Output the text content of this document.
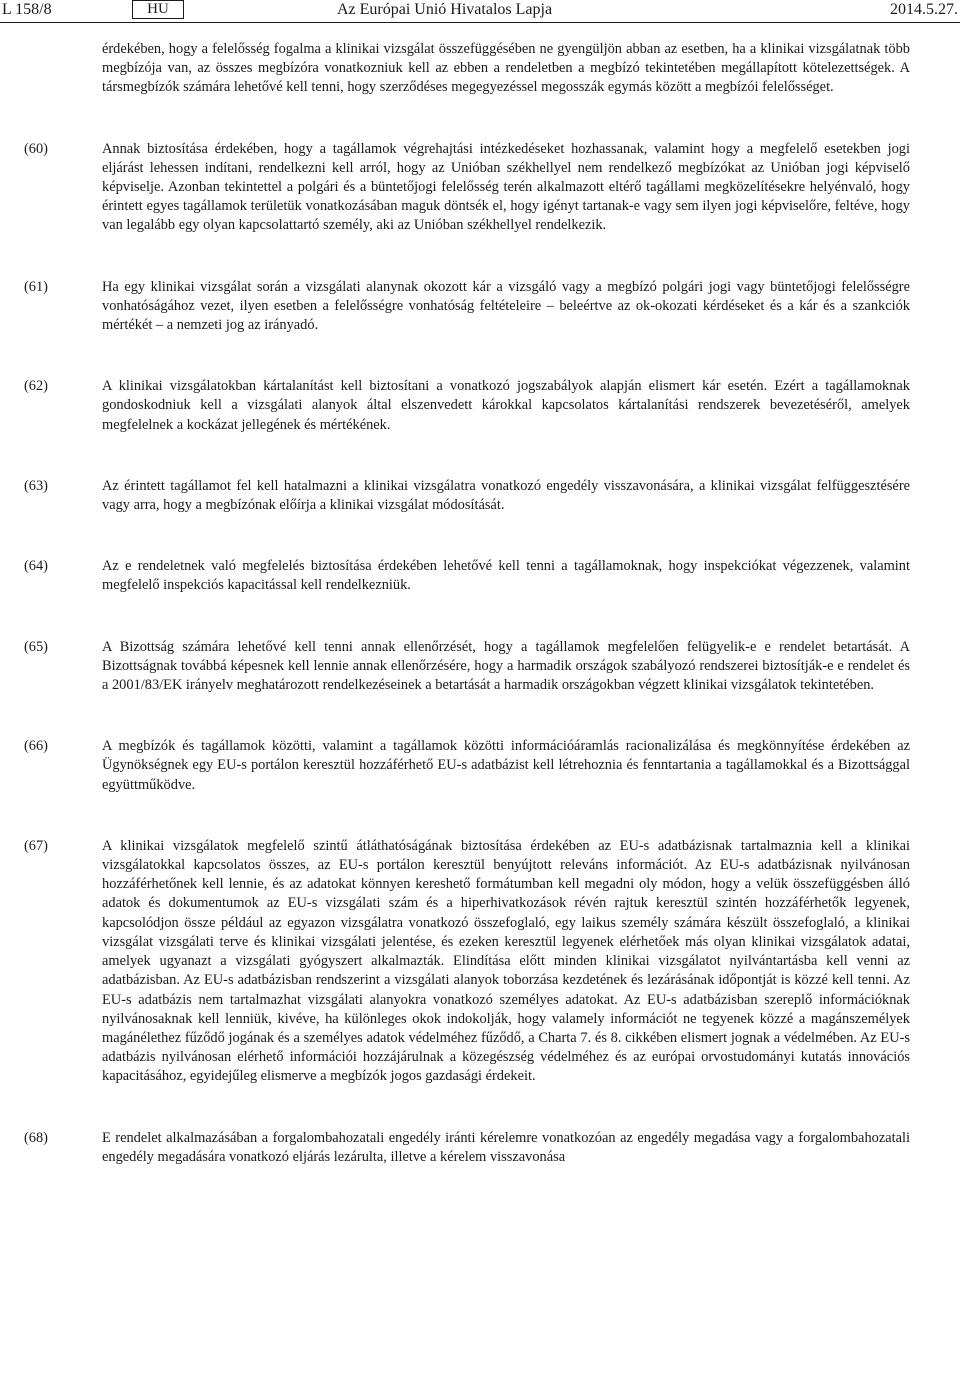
L 158/8	HU	Az Európai Unió Hivatalos Lapja	2014.5.27.
érdekében, hogy a felelősség fogalma a klinikai vizsgálat összefüggésében ne gyengüljön abban az esetben, ha a klinikai vizsgálatnak több megbízója van, az összes megbízóra vonatkozniuk kell az ebben a rendeletben a megbízó tekintetében megállapított kötelezettségek. A társmegbízók számára lehetővé kell tenni, hogy szerződéses megegyezéssel megosszák egymás között a megbízói felelősséget.
(60)	Annak biztosítása érdekében, hogy a tagállamok végrehajtási intézkedéseket hozhassanak, valamint hogy a megfelelő esetekben jogi eljárást lehessen indítani, rendelkezni kell arról, hogy az Unióban székhellyel nem rendelkező megbízókat az Unióban jogi képviselő képviselje. Azonban tekintettel a polgári és a büntetőjogi felelősség terén alkalmazott eltérő tagállami megközelítésekre helyénvaló, hogy érintett egyes tagállamok területük vonatkozásában maguk döntsék el, hogy igényt tartanak-e vagy sem ilyen jogi képviselőre, feltéve, hogy van legalább egy olyan kapcsolattartó személy, aki az Unióban székhellyel rendelkezik.
(61)	Ha egy klinikai vizsgálat során a vizsgálati alanynak okozott kár a vizsgáló vagy a megbízó polgári jogi vagy büntetőjogi felelősségre vonhatóságához vezet, ilyen esetben a felelősségre vonhatóság feltételeire – beleértve az ok-okozati kérdéseket és a kár és a szankciók mértékét – a nemzeti jog az irányadó.
(62)	A klinikai vizsgálatokban kártalanítást kell biztosítani a vonatkozó jogszabályok alapján elismert kár esetén. Ezért a tagállamoknak gondoskodniuk kell a vizsgálati alanyok által elszenvedett károkkal kapcsolatos kártalanítási rendszerek bevezetéséről, amelyek megfelelnek a kockázat jellegének és mértékének.
(63)	Az érintett tagállamot fel kell hatalmazni a klinikai vizsgálatra vonatkozó engedély visszavonására, a klinikai vizsgálat felfüggesztésére vagy arra, hogy a megbízónak előírja a klinikai vizsgálat módosítását.
(64)	Az e rendeletnek való megfelelés biztosítása érdekében lehetővé kell tenni a tagállamoknak, hogy inspekciókat végezzenek, valamint megfelelő inspekciós kapacitással kell rendelkezniük.
(65)	A Bizottság számára lehetővé kell tenni annak ellenőrzését, hogy a tagállamok megfelelően felügyelik-e e rendelet betartását. A Bizottságnak továbbá képesnek kell lennie annak ellenőrzésére, hogy a harmadik országok szabályozó rendszerei biztosítják-e e rendelet és a 2001/83/EK irányelv meghatározott rendelkezéseinek a betartását a harmadik országokban végzett klinikai vizsgálatok tekintetében.
(66)	A megbízók és tagállamok közötti, valamint a tagállamok közötti információáramlás racionalizálása és megkönnyítése érdekében az Ügynökségnek egy EU-s portálon keresztül hozzáférhető EU-s adatbázist kell létrehoznia és fenntartania a tagállamokkal és a Bizottsággal együttműködve.
(67)	A klinikai vizsgálatok megfelelő szintű átláthatóságának biztosítása érdekében az EU-s adatbázisnak tartalmaznia kell a klinikai vizsgálatokkal kapcsolatos összes, az EU-s portálon keresztül benyújtott releváns információt. Az EU-s adatbázisnak nyilvánosan hozzáférhetőnek kell lennie, és az adatokat könnyen kereshető formátumban kell megadni oly módon, hogy a velük összefüggésben álló adatok és dokumentumok az EU-s vizsgálati szám és a hiperhivatkozások révén rajtuk keresztül szintén hozzáférhetők legyenek, kapcsolódjon össze például az egyazon vizsgálatra vonatkozó összefoglaló, egy laikus személy számára készült összefoglaló, a klinikai vizsgálat vizsgálati terve és klinikai vizsgálati jelentése, és ezeken keresztül legyenek elérhetőek más olyan klinikai vizsgálatok adatai, amelyek ugyanazt a vizsgálati gyógyszert alkalmazták. Elindítása előtt minden klinikai vizsgálatot nyilvántartásba kell venni az adatbázisban. Az EU-s adatbázisban rendszerint a vizsgálati alanyok toborzása kezdetének és lezárásának időpontját is közzé kell tenni. Az EU-s adatbázis nem tartalmazhat vizsgálati alanyokra vonatkozó személyes adatokat. Az EU-s adatbázisban szereplő információknak nyilvánosaknak kell lenniük, kivéve, ha különleges okok indokolják, hogy valamely információt ne tegyenek közzé a magánszemélyek magánélethez fűződő jogának és a személyes adatok védelméhez fűződő, a Charta 7. és 8. cikkében elismert jognak a védelmében. Az EU-s adatbázis nyilvánosan elérhető információi hozzájárulnak a közegészség védelméhez és az európai orvostudományi kutatás innovációs kapacitásához, egyidejűleg elismerve a megbízók jogos gazdasági érdekeit.
(68)	E rendelet alkalmazásában a forgalombahozatali engedély iránti kérelemre vonatkozóan az engedély megadása vagy a forgalombahozatali engedély megadására vonatkozó eljárás lezárulta, illetve a kérelem visszavonása
